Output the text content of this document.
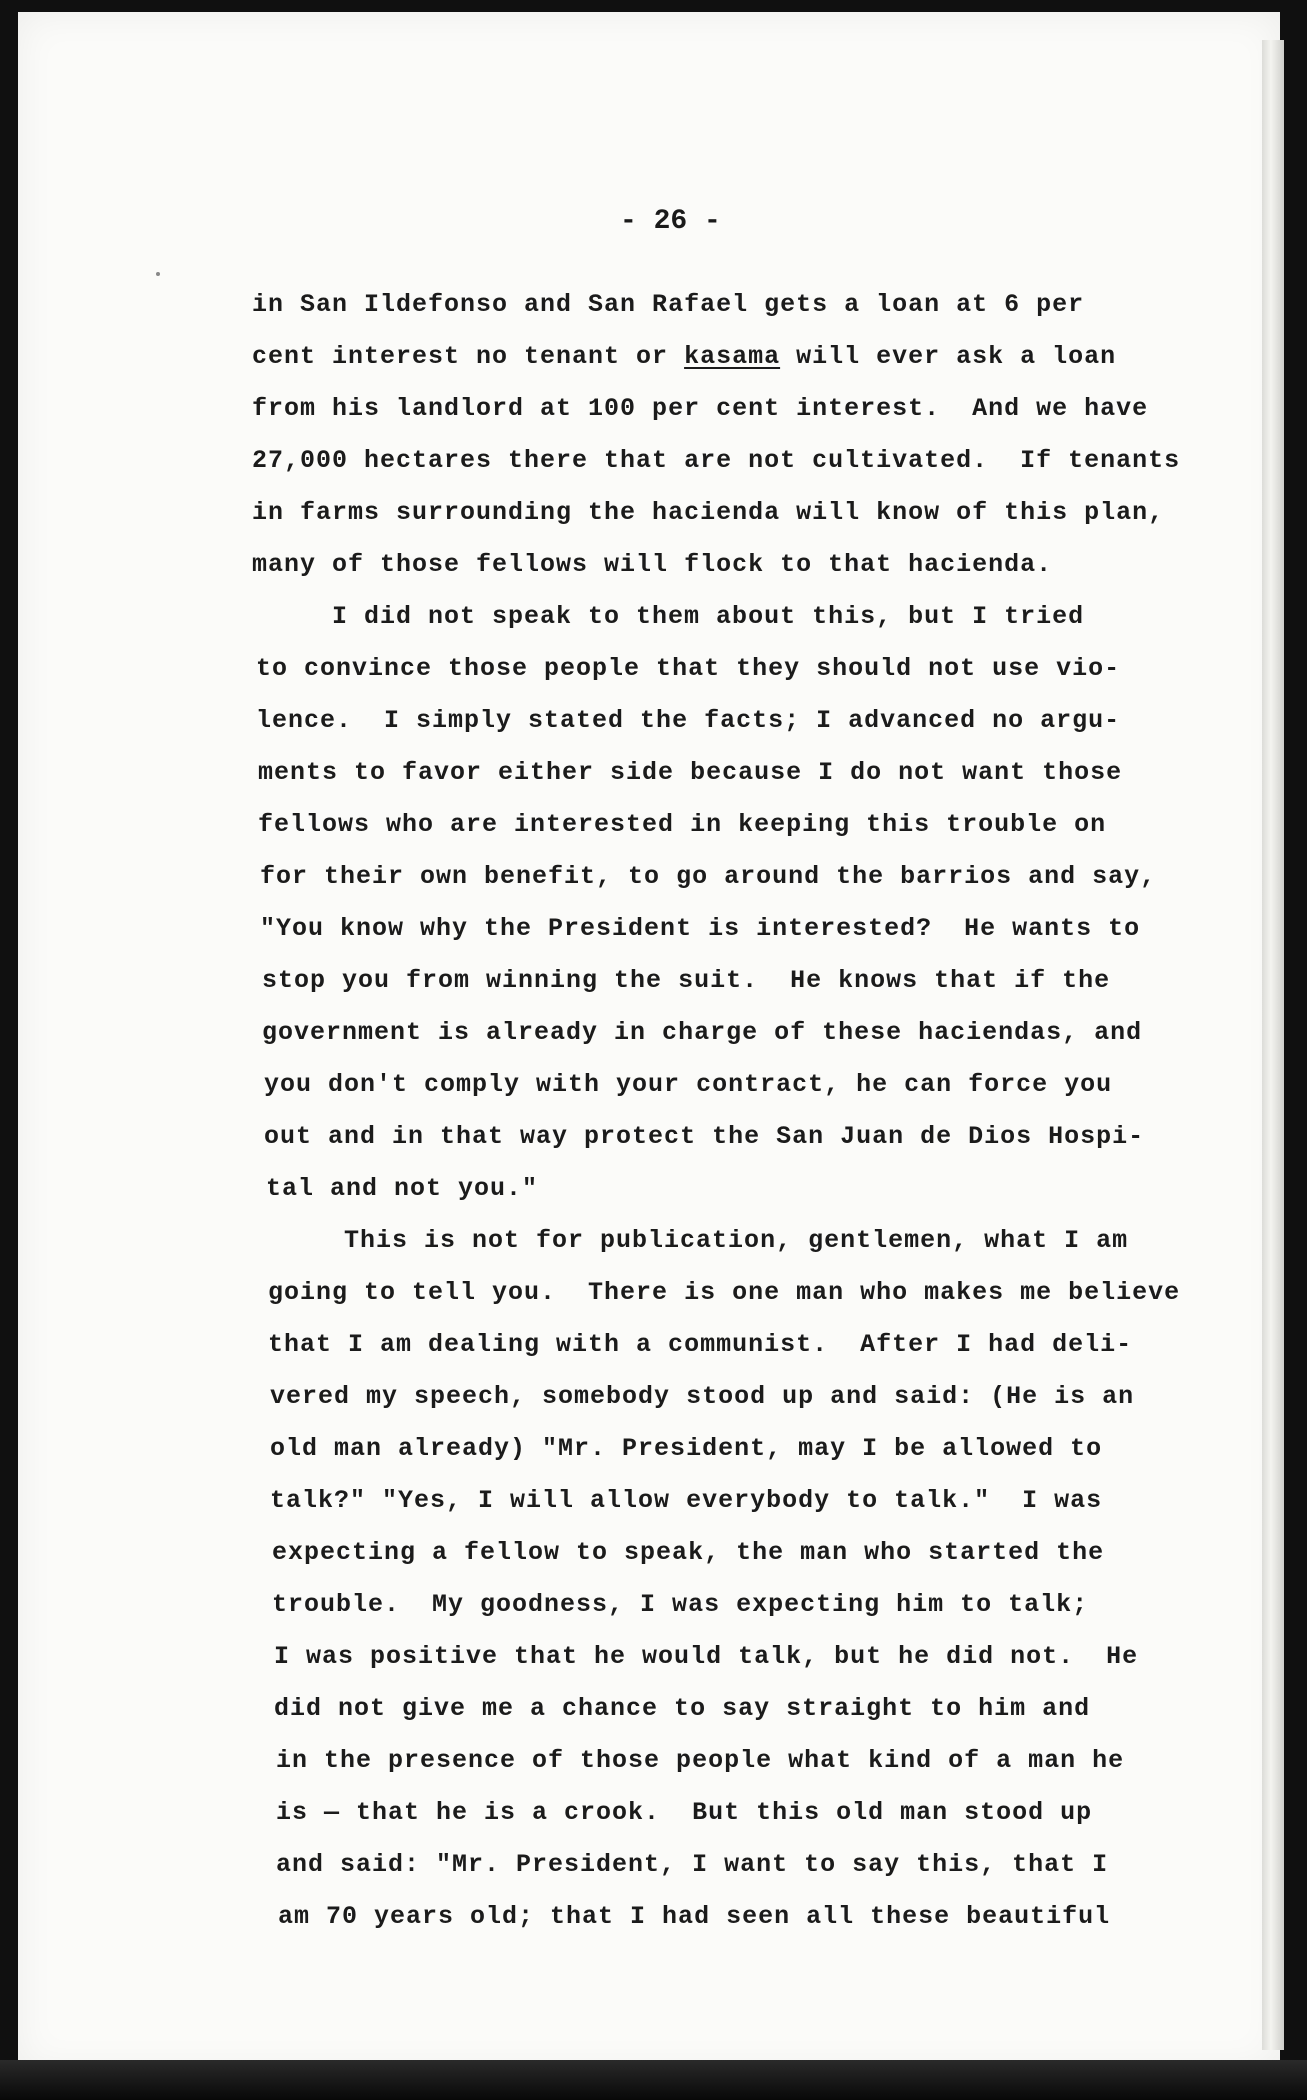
- 26 -
in San Ildefonso and San Rafael gets a loan at 6 per
cent interest no tenant or kasama will ever ask a loan
from his landlord at 100 per cent interest.  And we have
27,000 hectares there that are not cultivated.  If tenants
in farms surrounding the hacienda will know of this plan,
many of those fellows will flock to that hacienda.
I did not speak to them about this, but I tried
to convince those people that they should not use vio-
lence.  I simply stated the facts; I advanced no argu-
ments to favor either side because I do not want those
fellows who are interested in keeping this trouble on
for their own benefit, to go around the barrios and say,
"You know why the President is interested?  He wants to
stop you from winning the suit.  He knows that if the
government is already in charge of these haciendas, and
you don't comply with your contract, he can force you
out and in that way protect the San Juan de Dios Hospi-
tal and not you."
This is not for publication, gentlemen, what I am
going to tell you.  There is one man who makes me believe
that I am dealing with a communist.  After I had deli-
vered my speech, somebody stood up and said: (He is an
old man already) "Mr. President, may I be allowed to
talk?" "Yes, I will allow everybody to talk."  I was
expecting a fellow to speak, the man who started the
trouble.  My goodness, I was expecting him to talk;
I was positive that he would talk, but he did not.  He
did not give me a chance to say straight to him and
in the presence of those people what kind of a man he
is — that he is a crook.  But this old man stood up
and said: "Mr. President, I want to say this, that I
am 70 years old; that I had seen all these beautiful
